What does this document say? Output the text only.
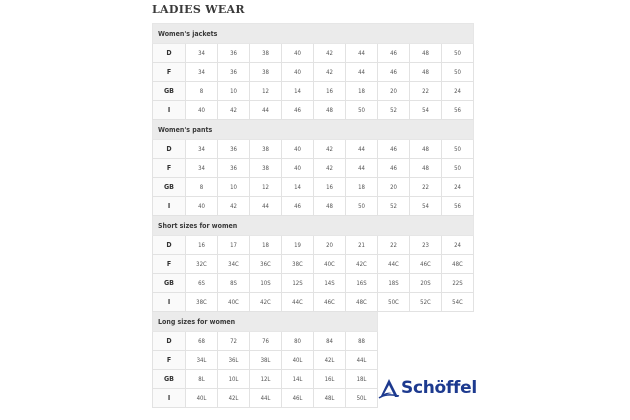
LADIES WEAR
Women's jackets									
D	34	36	38	40	42	44	46	48	50
F	34	36	38	40	42	44	46	48	50
GB	8	10	12	14	16	18	20	22	24
I	40	42	44	46	48	50	52	54	56
Women's pants									
D	34	36	38	40	42	44	46	48	50
F	34	36	38	40	42	44	46	48	50
GB	8	10	12	14	16	18	20	22	24
I	40	42	44	46	48	50	52	54	56
Short sizes for women									
D	16	17	18	19	20	21	22	23	24
F	32C	34C	36C	38C	40C	42C	44C	46C	48C
GB	6S	8S	10S	12S	14S	16S	18S	20S	22S
I	38C	40C	42C	44C	46C	48C	50C	52C	54C
Long sizes for women									
D	68	72	76	80	84	88			
F	34L	36L	38L	40L	42L	44L			
GB	8L	10L	12L	14L	16L	18L			
I	40L	42L	44L	46L	48L	50L			Schöffel
